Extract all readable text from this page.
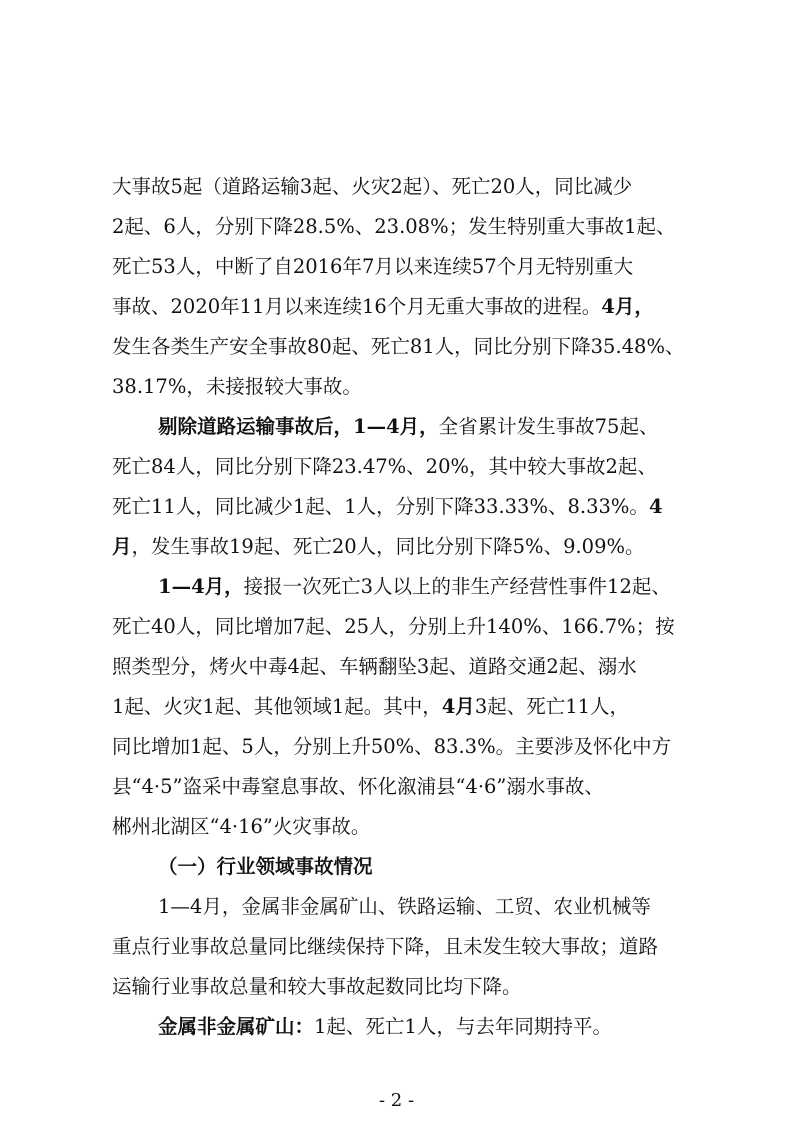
大事故5起（道路运输3起、火灾2起）、死亡20人，同比减少
2起、6人，分别下降28.5%、23.08%；发生特别重大事故1起、
死亡53人，中断了自2016年7月以来连续57个月无特别重大
事故、2020年11月以来连续16个月无重大事故的进程。4月，
发生各类生产安全事故80起、死亡81人，同比分别下降35.48%、
38.17%，未接报较大事故。
剔除道路运输事故后，1—4月，全省累计发生事故75起、
死亡84人，同比分别下降23.47%、20%，其中较大事故2起、
死亡11人，同比减少1起、1人，分别下降33.33%、8.33%。4
月，发生事故19起、死亡20人，同比分别下降5%、9.09%。
1—4月，接报一次死亡3人以上的非生产经营性事件12起、
死亡40人，同比增加7起、25人，分别上升140%、166.7%；按
照类型分，烤火中毒4起、车辆翻坠3起、道路交通2起、溺水
1起、火灾1起、其他领域1起。其中，4月3起、死亡11人，
同比增加1起、5人，分别上升50%、83.3%。主要涉及怀化中方
县“4·5”盗采中毒窒息事故、怀化溆浦县“4·6”溺水事故、
郴州北湖区“4·16”火灾事故。
（一）行业领域事故情况
1—4月，金属非金属矿山、铁路运输、工贸、农业机械等
重点行业事故总量同比继续保持下降，且未发生较大事故；道路
运输行业事故总量和较大事故起数同比均下降。
金属非金属矿山：1起、死亡1人，与去年同期持平。
- 2 -
